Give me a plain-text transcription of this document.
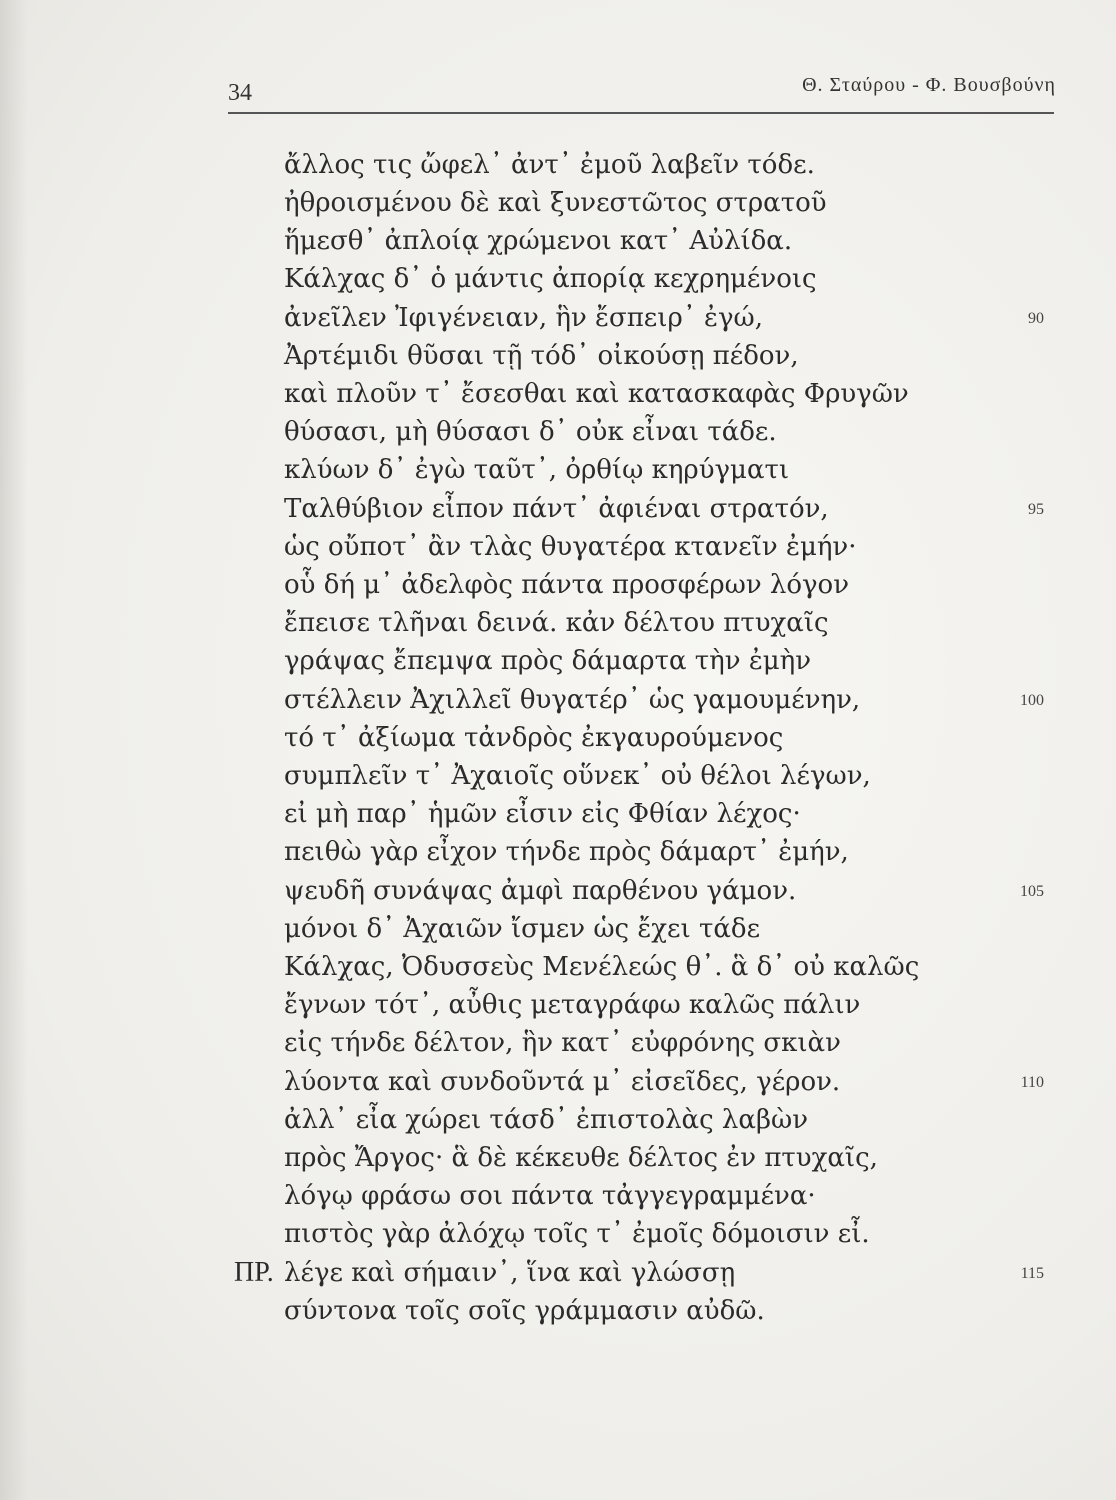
34	Θ. Σταύρου - Φ. Βουσβούνη
ἄλλος τις ὤφελ᾽ ἀντ᾽ ἐμοῦ λαβεῖν τόδε.
ἠθροισμένου δὲ καὶ ξυνεστῶτος στρατοῦ
ἥμεσθ᾽ ἀπλοίᾳ χρώμενοι κατ᾽ Αὐλίδα.
Κάλχας δ᾽ ὁ μάντις ἀπορίᾳ κεχρημένοις
ἀνεῖλεν Ἰφιγένειαν, ἣν ἔσπειρ᾽ ἐγώ,	90
Ἀρτέμιδι θῦσαι τῇ τόδ᾽ οἰκούσῃ πέδον,
καὶ πλοῦν τ᾽ ἔσεσθαι καὶ κατασκαφὰς Φρυγῶν
θύσασι, μὴ θύσασι δ᾽ οὐκ εἶναι τάδε.
κλύων δ᾽ ἐγὼ ταῦτ᾽, ὀρθίῳ κηρύγματι
Ταλθύβιον εἶπον πάντ᾽ ἀφιέναι στρατόν,	95
ὡς οὔποτ᾽ ἂν τλὰς θυγατέρα κτανεῖν ἐμήν·
οὗ δή μ᾽ ἀδελφὸς πάντα προσφέρων λόγον
ἔπεισε τλῆναι δεινά. κἀν δέλτου πτυχαῖς
γράψας ἔπεμψα πρὸς δάμαρτα τὴν ἐμὴν
στέλλειν Ἀχιλλεῖ θυγατέρ᾽ ὡς γαμουμένην,	100
τό τ᾽ ἀξίωμα τἀνδρὸς ἐκγαυρούμενος
συμπλεῖν τ᾽ Ἀχαιοῖς οὕνεκ᾽ οὐ θέλοι λέγων,
εἰ μὴ παρ᾽ ἡμῶν εἶσιν εἰς Φθίαν λέχος·
πειθὼ γὰρ εἶχον τήνδε πρὸς δάμαρτ᾽ ἐμήν,
ψευδῆ συνάψας ἀμφὶ παρθένου γάμον.	105
μόνοι δ᾽ Ἀχαιῶν ἴσμεν ὡς ἔχει τάδε
Κάλχας, Ὀδυσσεὺς Μενέλεώς θ᾽. ἃ δ᾽ οὐ καλῶς
ἔγνων τότ᾽, αὖθις μεταγράφω καλῶς πάλιν
εἰς τήνδε δέλτον, ἣν κατ᾽ εὐφρόνης σκιὰν
λύοντα καὶ συνδοῦντά μ᾽ εἰσεῖδες, γέρον.	110
ἀλλ᾽ εἶα χώρει τάσδ᾽ ἐπιστολὰς λαβὼν
πρὸς Ἄργος· ἃ δὲ κέκευθε δέλτος ἐν πτυχαῖς,
λόγῳ φράσω σοι πάντα τἀγγεγραμμένα·
πιστὸς γὰρ ἀλόχῳ τοῖς τ᾽ ἐμοῖς δόμοισιν εἶ.
ΠΡ. λέγε καὶ σήμαιν᾽, ἵνα καὶ γλώσσῃ	115
σύντονα τοῖς σοῖς γράμμασιν αὐδῶ.
